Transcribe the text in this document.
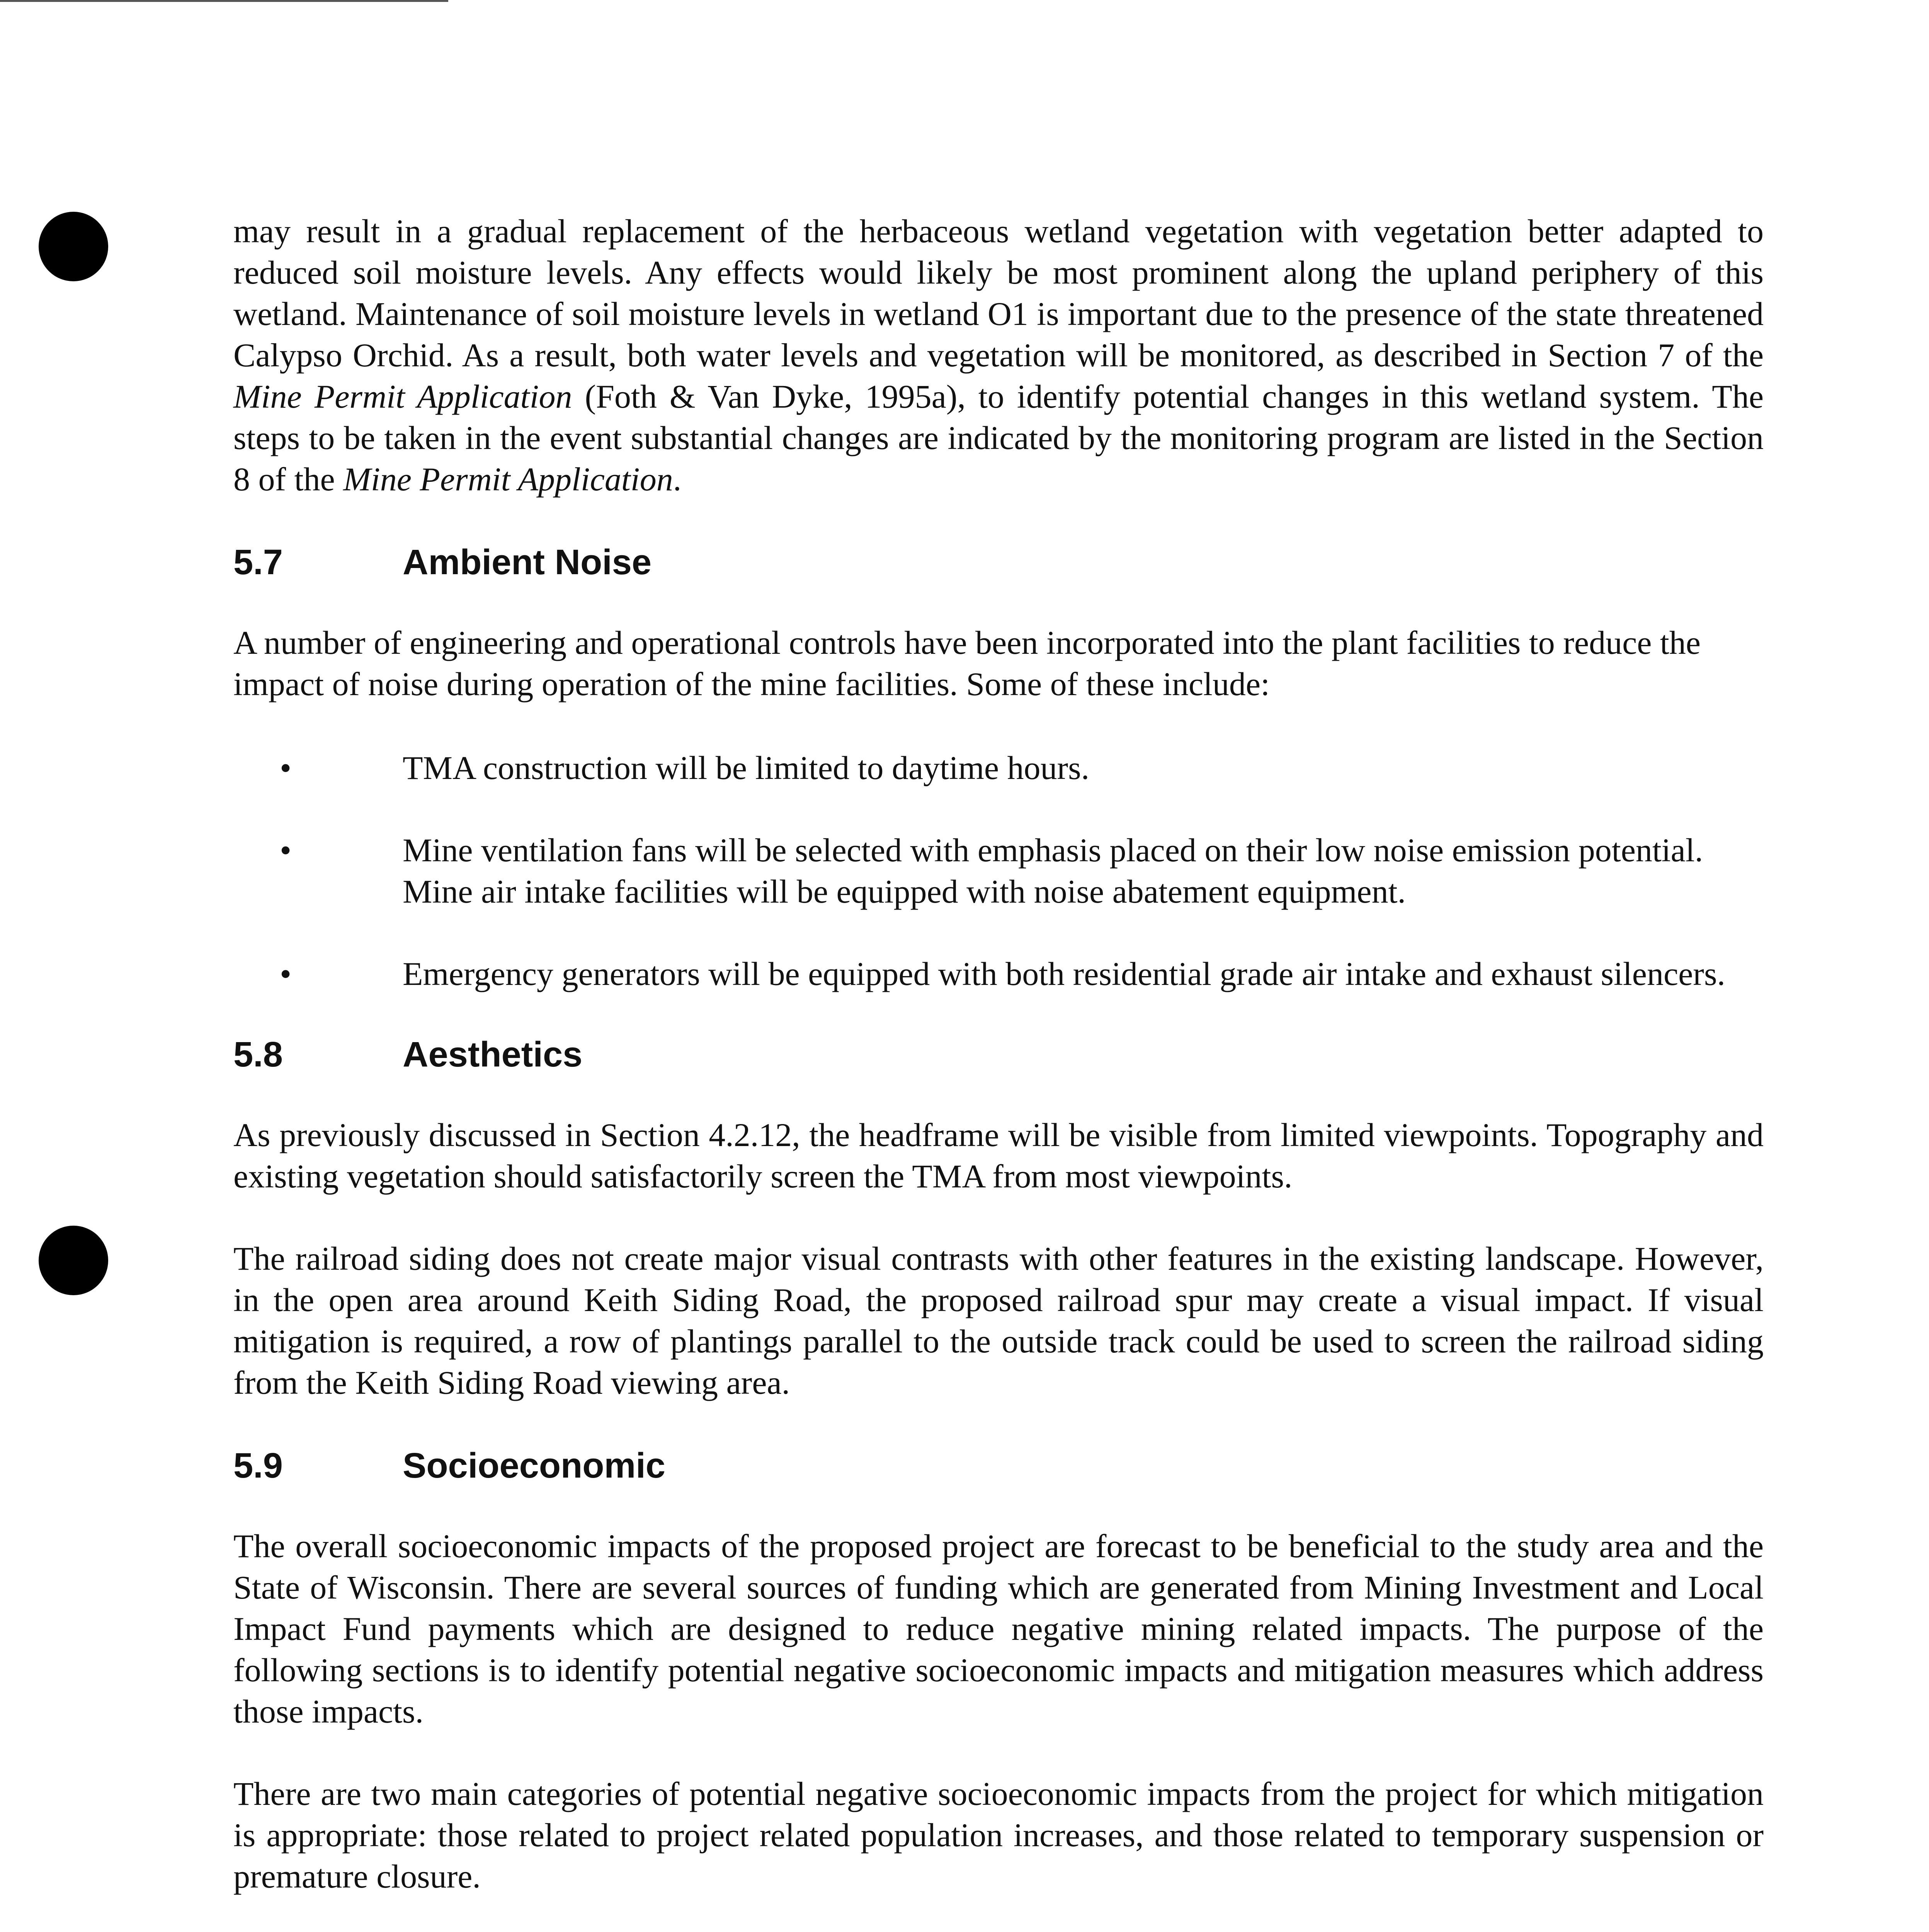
may result in a gradual replacement of the herbaceous wetland vegetation with vegetation better adapted to reduced soil moisture levels. Any effects would likely be most prominent along the upland periphery of this wetland. Maintenance of soil moisture levels in wetland O1 is important due to the presence of the state threatened Calypso Orchid. As a result, both water levels and vegetation will be monitored, as described in Section 7 of the Mine Permit Application (Foth & Van Dyke, 1995a), to identify potential changes in this wetland system. The steps to be taken in the event substantial changes are indicated by the monitoring program are listed in the Section 8 of the Mine Permit Application.

5.7	Ambient Noise

A number of engineering and operational controls have been incorporated into the plant facilities to reduce the impact of noise during operation of the mine facilities. Some of these include:

•	TMA construction will be limited to daytime hours.
•	Mine ventilation fans will be selected with emphasis placed on their low noise emission potential. Mine air intake facilities will be equipped with noise abatement equipment.
•	Emergency generators will be equipped with both residential grade air intake and exhaust silencers.
5.8	Aesthetics

As previously discussed in Section 4.2.12, the headframe will be visible from limited viewpoints. Topography and existing vegetation should satisfactorily screen the TMA from most viewpoints.

The railroad siding does not create major visual contrasts with other features in the existing landscape. However, in the open area around Keith Siding Road, the proposed railroad spur may create a visual impact. If visual mitigation is required, a row of plantings parallel to the outside track could be used to screen the railroad siding from the Keith Siding Road viewing area.

5.9	Socioeconomic

The overall socioeconomic impacts of the proposed project are forecast to be beneficial to the study area and the State of Wisconsin. There are several sources of funding which are generated from Mining Investment and Local Impact Fund payments which are designed to reduce negative mining related impacts. The purpose of the following sections is to identify potential negative socioeconomic impacts and mitigation measures which address those impacts.

There are two main categories of potential negative socioeconomic impacts from the project for which mitigation is appropriate: those related to project related population increases, and those related to temporary suspension or premature closure.
